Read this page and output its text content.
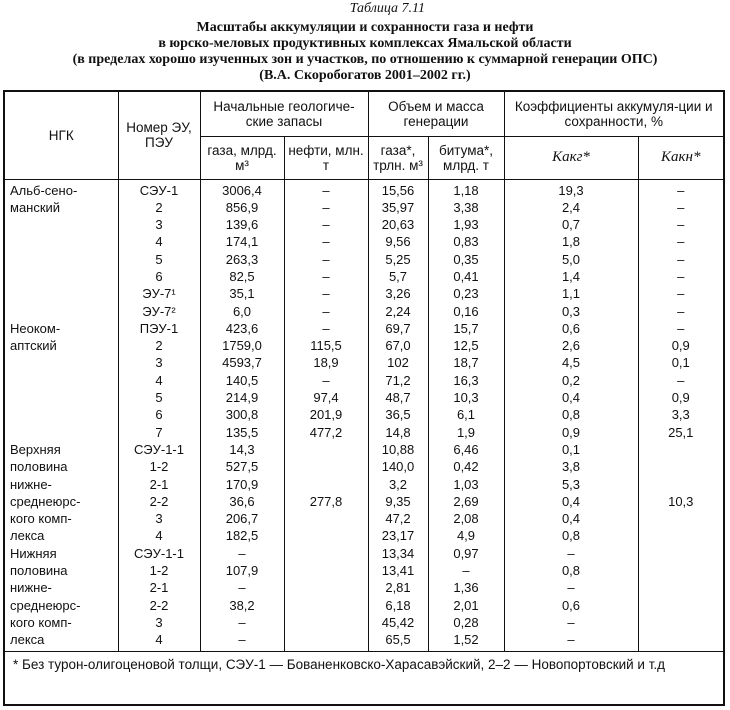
Таблица 7.11
Масштабы аккумуляции и сохранности газа и нефти
в юрско-меловых продуктивных комплексах Ямальской области
(в пределах хорошо изученных зон и участков, по отношению к суммарной генерации ОПС)
(В.А. Скоробогатов 2001–2002 гг.)
НГК	Номер ЭУ, ПЭУ	Начальные геологиче-ские запасы		Объем и масса генерации		Коэффициенты аккумуля-ции и сохранности, %	
		газа, млрд. м³	нефти, млн. т	газа*, трлн. м³	битума*, млрд. т	Kакг*	Kакн*
Альб-сено-	СЭУ-1	3006,4	–	15,56	1,18	19,3	–
манский	2	856,9	–	35,97	3,38	2,4	–
	3	139,6	–	20,63	1,93	0,7	–
	4	174,1	–	9,56	0,83	1,8	–
	5	263,3	–	5,25	0,35	5,0	–
	6	82,5	–	5,7	0,41	1,4	–
	ЭУ-7¹	35,1	–	3,26	0,23	1,1	–
	ЭУ-7²	6,0	–	2,24	0,16	0,3	–
Неоком-	ПЭУ-1	423,6	–	69,7	15,7	0,6	–
аптский	2	1759,0	115,5	67,0	12,5	2,6	0,9
	3	4593,7	18,9	102	18,7	4,5	0,1
	4	140,5	–	71,2	16,3	0,2	–
	5	214,9	97,4	48,7	10,3	0,4	0,9
	6	300,8	201,9	36,5	6,1	0,8	3,3
	7	135,5	477,2	14,8	1,9	0,9	25,1
Верхняя	СЭУ-1-1	14,3		10,88	6,46	0,1	
половина	1-2	527,5		140,0	0,42	3,8	
нижне-	2-1	170,9		3,2	1,03	5,3	
среднеюрс-	2-2	36,6	277,8	9,35	2,69	0,4	10,3
кого комп-	3	206,7		47,2	2,08	0,4	
лекса	4	182,5		23,17	4,9	0,8	
Нижняя	СЭУ-1-1	–		13,34	0,97	–	
половина	1-2	107,9		13,41	–	0,8	
нижне-	2-1	–		2,81	1,36	–	
среднеюрс-	2-2	38,2		6,18	2,01	0,6	
кого комп-	3	–		45,42	0,28	–	
лекса	4	–		65,5	1,52	–	
* Без турон-олигоценовой толщи, СЭУ-1 — Бованенковско-Харасавэйский, 2–2 — Новопортовский и т.д
